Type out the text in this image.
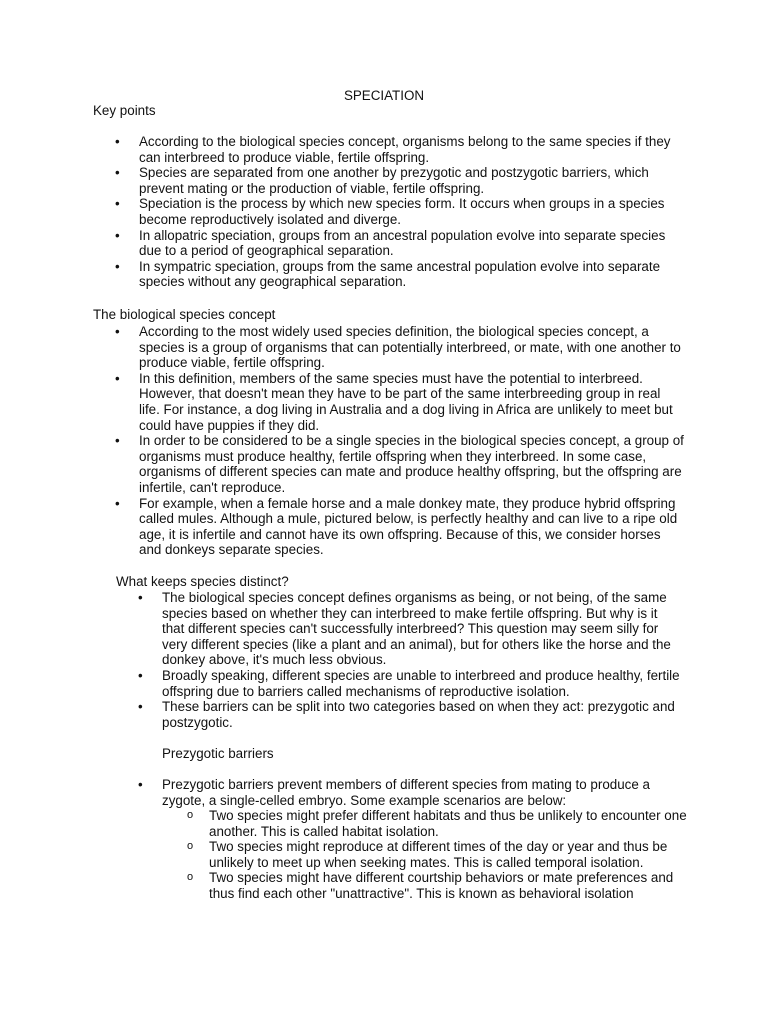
SPECIATION
Key points
• According to the biological species concept, organisms belong to the same species if they can interbreed to produce viable, fertile offspring.
• Species are separated from one another by prezygotic and postzygotic barriers, which prevent mating or the production of viable, fertile offspring.
• Speciation is the process by which new species form. It occurs when groups in a species become reproductively isolated and diverge.
• In allopatric speciation, groups from an ancestral population evolve into separate species due to a period of geographical separation.
• In sympatric speciation, groups from the same ancestral population evolve into separate species without any geographical separation.
The biological species concept
• According to the most widely used species definition, the biological species concept, a species is a group of organisms that can potentially interbreed, or mate, with one another to produce viable, fertile offspring.
• In this definition, members of the same species must have the potential to interbreed. However, that doesn't mean they have to be part of the same interbreeding group in real life. For instance, a dog living in Australia and a dog living in Africa are unlikely to meet but could have puppies if they did.
• In order to be considered to be a single species in the biological species concept, a group of organisms must produce healthy, fertile offspring when they interbreed. In some case, organisms of different species can mate and produce healthy offspring, but the offspring are infertile, can't reproduce.
• For example, when a female horse and a male donkey mate, they produce hybrid offspring called mules. Although a mule, pictured below, is perfectly healthy and can live to a ripe old age, it is infertile and cannot have its own offspring. Because of this, we consider horses and donkeys separate species.
What keeps species distinct?
• The biological species concept defines organisms as being, or not being, of the same species based on whether they can interbreed to make fertile offspring. But why is it that different species can't successfully interbreed? This question may seem silly for very different species (like a plant and an animal), but for others like the horse and the donkey above, it's much less obvious.
• Broadly speaking, different species are unable to interbreed and produce healthy, fertile offspring due to barriers called mechanisms of reproductive isolation.
• These barriers can be split into two categories based on when they act: prezygotic and postzygotic.
Prezygotic barriers
• Prezygotic barriers prevent members of different species from mating to produce a zygote, a single-celled embryo. Some example scenarios are below:
o Two species might prefer different habitats and thus be unlikely to encounter one another. This is called habitat isolation.
o Two species might reproduce at different times of the day or year and thus be unlikely to meet up when seeking mates. This is called temporal isolation.
o Two species might have different courtship behaviors or mate preferences and thus find each other "unattractive". This is known as behavioral isolation
